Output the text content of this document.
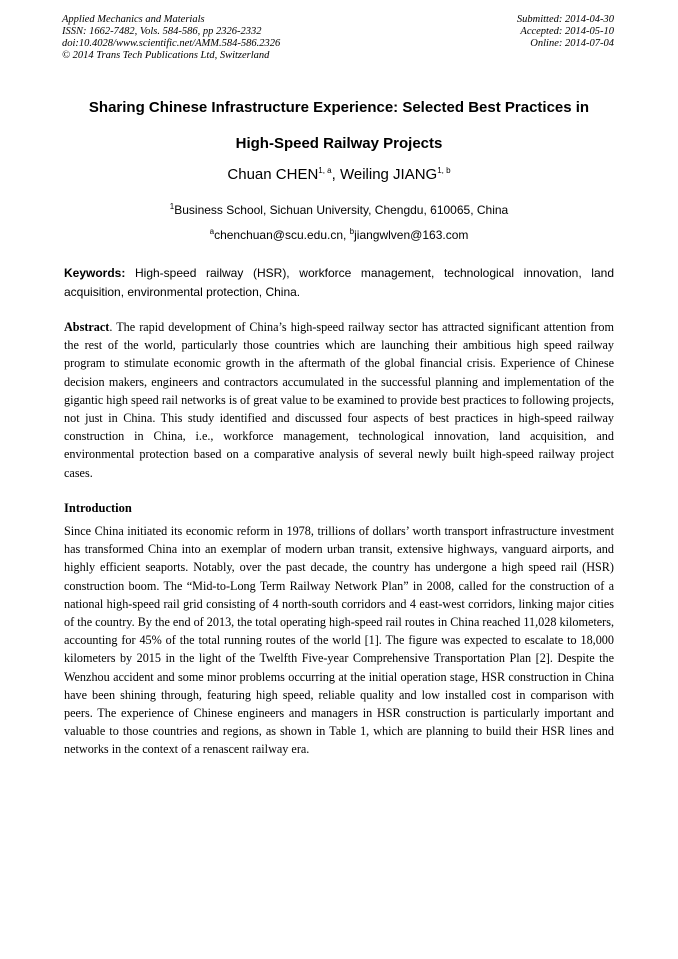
Applied Mechanics and Materials
ISSN: 1662-7482, Vols. 584-586, pp 2326-2332
doi:10.4028/www.scientific.net/AMM.584-586.2326
© 2014 Trans Tech Publications Ltd, Switzerland
Submitted: 2014-04-30
Accepted: 2014-05-10
Online: 2014-07-04
Sharing Chinese Infrastructure Experience: Selected Best Practices in
High-Speed Railway Projects
Chuan CHEN$^{1, a}$, Weiling JIANG$^{1, b}$
$^1$Business School, Sichuan University, Chengdu, 610065, China
$^a$chenchuan@scu.edu.cn, $^b$jiangwlven@163.com
Keywords: High-speed railway (HSR), workforce management, technological innovation, land acquisition, environmental protection, China.

Abstract. The rapid development of China’s high-speed railway sector has attracted significant attention from the rest of the world, particularly those countries which are launching their ambitious high speed railway program to stimulate economic growth in the aftermath of the global financial crisis. Experience of Chinese decision makers, engineers and contractors accumulated in the successful planning and implementation of the gigantic high speed rail networks is of great value to be examined to provide best practices to following projects, not just in China. This study identified and discussed four aspects of best practices in high-speed railway construction in China, i.e., workforce management, technological innovation, land acquisition, and environmental protection based on a comparative analysis of several newly built high-speed railway project cases.

Introduction

Since China initiated its economic reform in 1978, trillions of dollars’ worth transport infrastructure investment has transformed China into an exemplar of modern urban transit, extensive highways, vanguard airports, and highly efficient seaports. Notably, over the past decade, the country has undergone a high speed rail (HSR) construction boom. The “Mid-to-Long Term Railway Network Plan” in 2008, called for the construction of a national high-speed rail grid consisting of 4 north-south corridors and 4 east-west corridors, linking major cities of the country. By the end of 2013, the total operating high-speed rail routes in China reached 11,028 kilometers, accounting for 45% of the total running routes of the world [1]. The figure was expected to escalate to 18,000 kilometers by 2015 in the light of the Twelfth Five-year Comprehensive Transportation Plan [2]. Despite the Wenzhou accident and some minor problems occurring at the initial operation stage, HSR construction in China have been shining through, featuring high speed, reliable quality and low installed cost in comparison with peers. The experience of Chinese engineers and managers in HSR construction is particularly important and valuable to those countries and regions, as shown in Table 1, which are planning to build their HSR lines and networks in the context of a renascent railway era.
